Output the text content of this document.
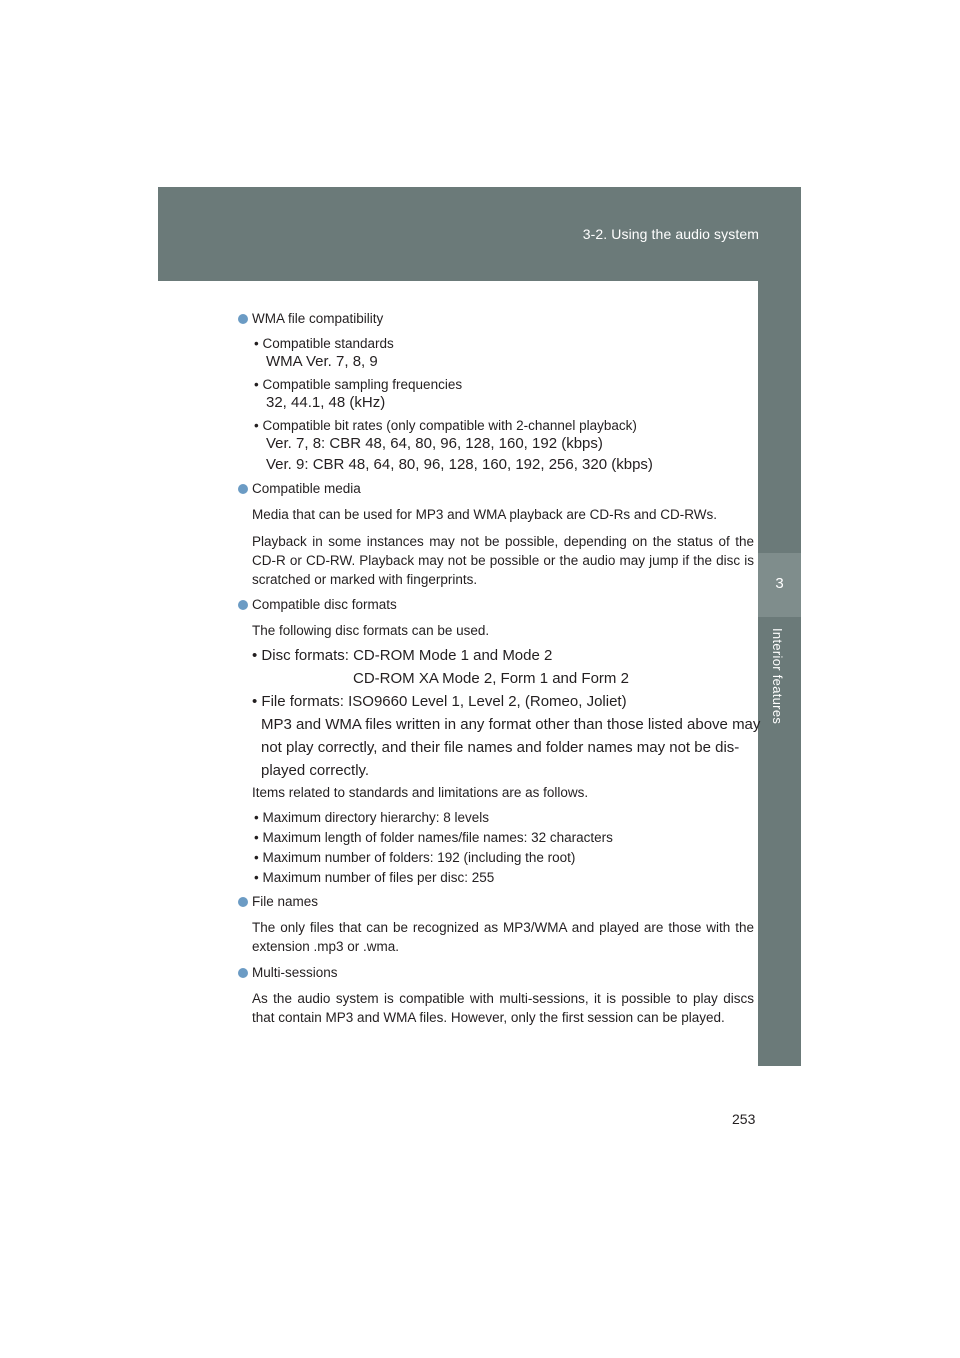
3-2. Using the audio system
3
Interior features
WMA file compatibility
• Compatible standards
WMA Ver. 7, 8, 9
• Compatible sampling frequencies
32, 44.1, 48 (kHz)
• Compatible bit rates (only compatible with 2-channel playback)
Ver. 7, 8: CBR 48, 64, 80, 96, 128, 160, 192 (kbps)
Ver. 9: CBR 48, 64, 80, 96, 128, 160, 192, 256, 320 (kbps)
Compatible media
Media that can be used for MP3 and WMA playback are CD-Rs and CD-RWs.
Playback in some instances may not be possible, depending on the status of the CD-R or CD-RW. Playback may not be possible or the audio may jump if the disc is scratched or marked with fingerprints.
Compatible disc formats
The following disc formats can be used.
• Disc formats: CD-ROM Mode 1 and Mode 2
CD-ROM XA Mode 2, Form 1 and Form 2
• File formats: ISO9660 Level 1, Level 2, (Romeo, Joliet)
MP3 and WMA files written in any format other than those listed above may
not play correctly, and their file names and folder names may not be dis-
played correctly.
Items related to standards and limitations are as follows.
• Maximum directory hierarchy: 8 levels
• Maximum length of folder names/file names: 32 characters
• Maximum number of folders: 192 (including the root)
• Maximum number of files per disc: 255
File names
The only files that can be recognized as MP3/WMA and played are those with the extension .mp3 or .wma.
Multi-sessions
As the audio system is compatible with multi-sessions, it is possible to play discs that contain MP3 and WMA files. However, only the first session can be played.
253
